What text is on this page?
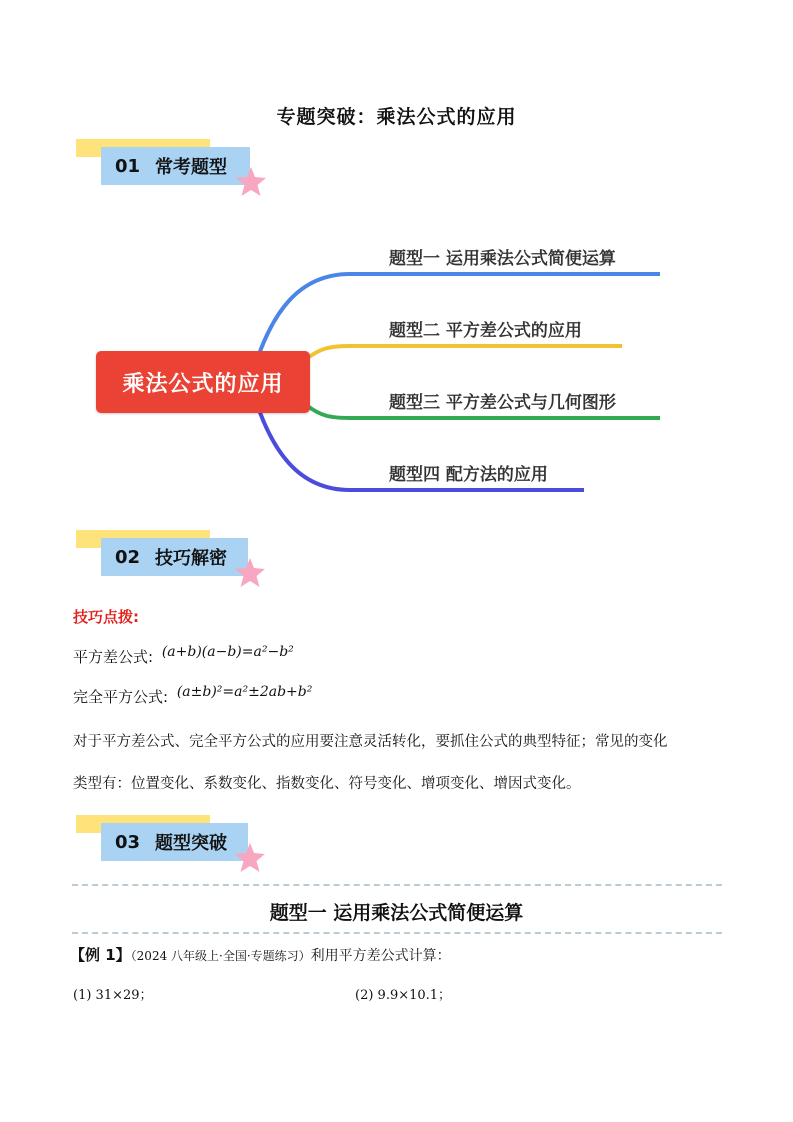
专题突破：乘法公式的应用
01 常考题型
乘法公式的应用
题型一 运用乘法公式简便运算
题型二 平方差公式的应用
题型三 平方差公式与几何图形
题型四 配方法的应用
02 技巧解密
技巧点拨:
平方差公式: (a+b)(a−b)=a²−b²
完全平方公式: (a±b)²=a²±2ab+b²
对于平方差公式、完全平方公式的应用要注意灵活转化，要抓住公式的典型特征；常见的变化
类型有：位置变化、系数变化、指数变化、符号变化、增项变化、增因式变化。
03 题型突破
题型一 运用乘法公式简便运算
【例 1】（2024 八年级上·全国·专题练习）利用平方差公式计算：
(1) 31×29；	(2) 9.9×10.1；
